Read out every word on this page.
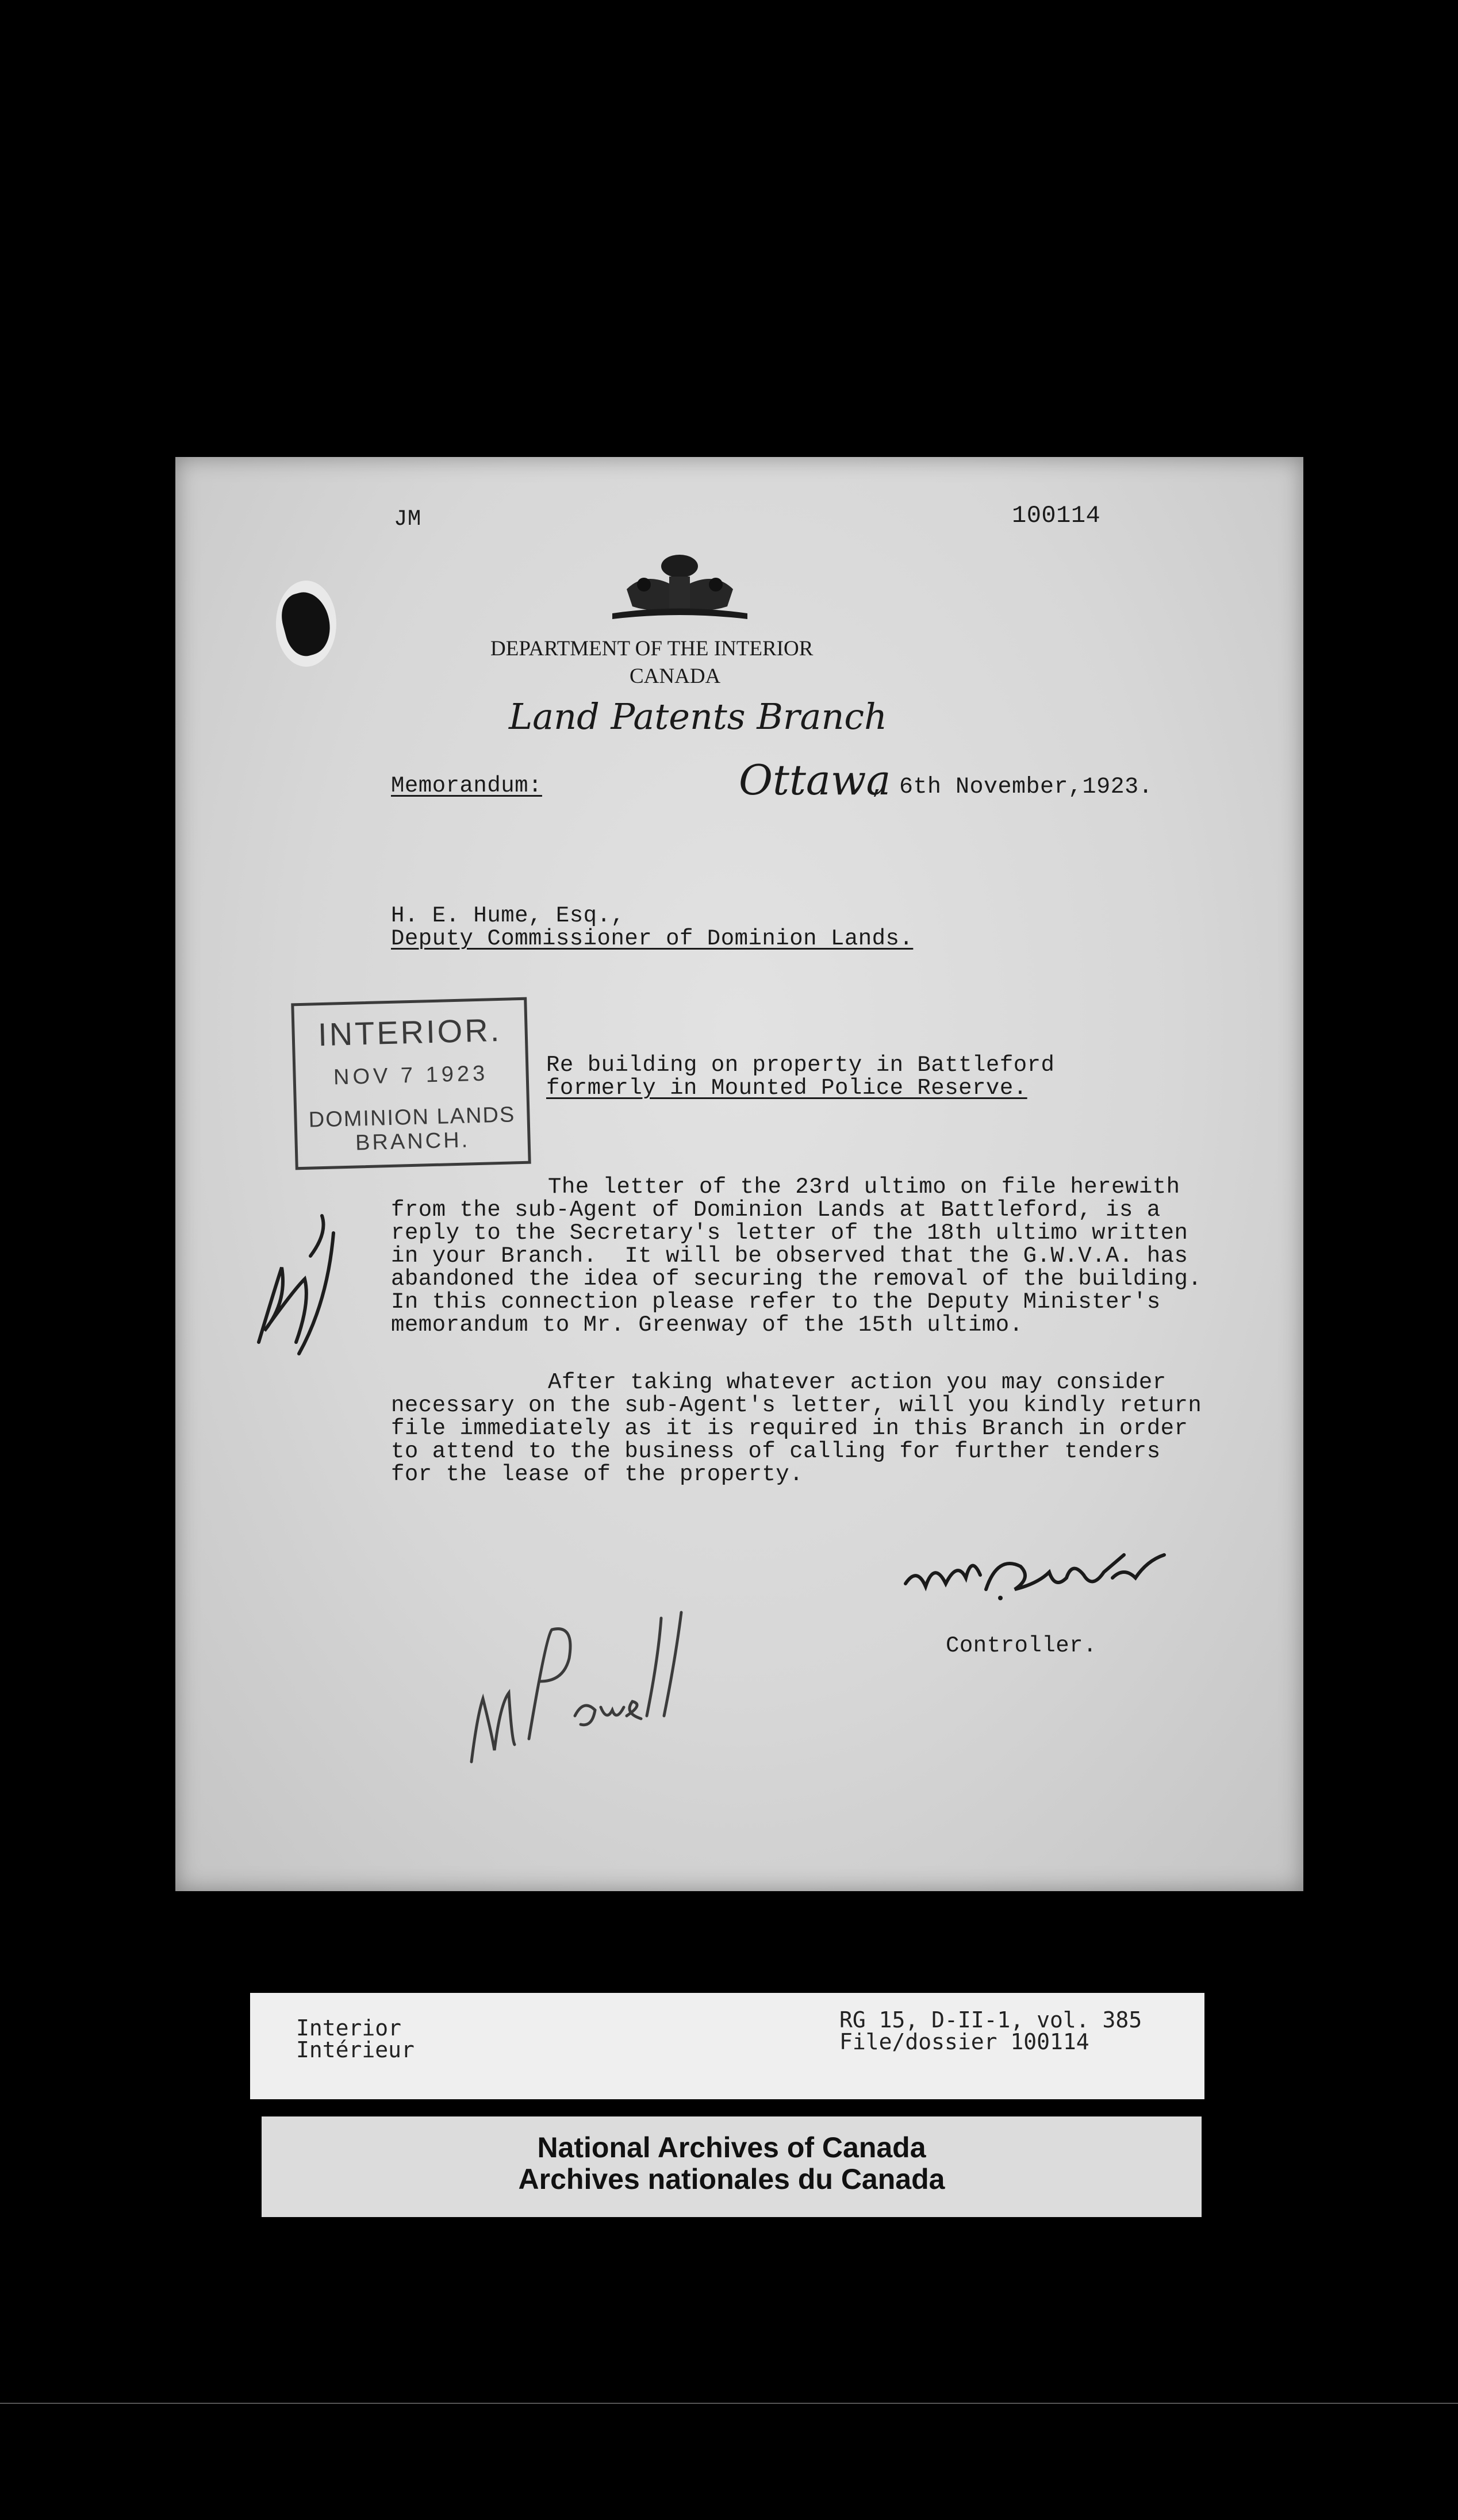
JM	100114
DEPARTMENT OF THE INTERIOR
CANADA
Land Patents Branch
Memorandum:	Ottawa
, 6th November,1923.
H. E. Hume, Esq.,
Deputy Commissioner of Dominion Lands.
INTERIOR.
NOV 7 1923
DOMINION LANDS
BRANCH.
Re building on property in Battleford
formerly in Mounted Police Reserve.
The letter of the 23rd ultimo on file herewith
from the sub-Agent of Dominion Lands at Battleford, is a
reply to the Secretary's letter of the 18th ultimo written
in your Branch.  It will be observed that the G.W.V.A. has
abandoned the idea of securing the removal of the building.
In this connection please refer to the Deputy Minister's
memorandum to Mr. Greenway of the 15th ultimo.
After taking whatever action you may consider
necessary on the sub-Agent's letter, will you kindly return
file immediately as it is required in this Branch in order
to attend to the business of calling for further tenders
for the lease of the property.
Controller.
Interior
Intérieur
RG 15, D-II-1, vol. 385
File/dossier 100114
National Archives of Canada
Archives nationales du Canada
